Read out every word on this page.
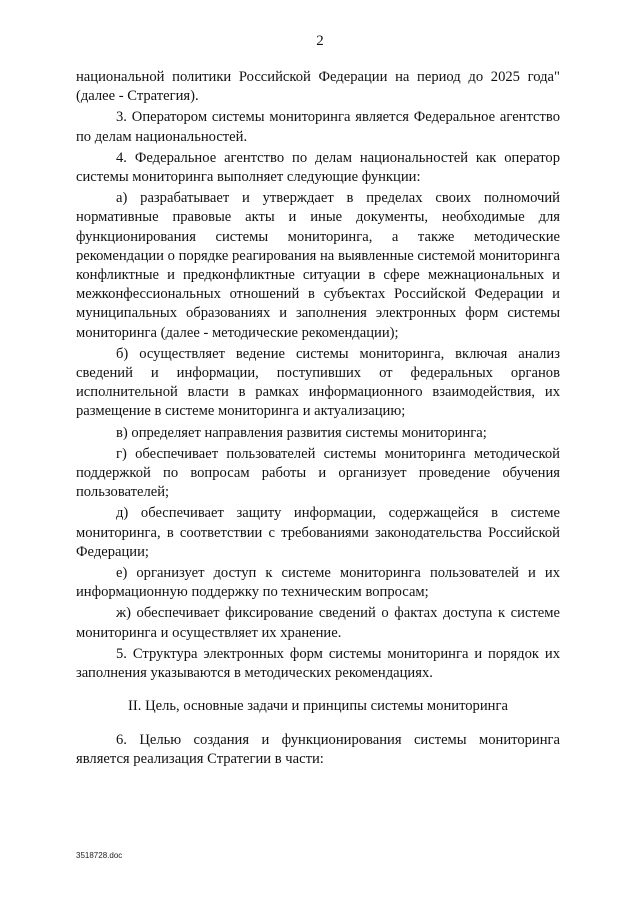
2

национальной политики Российской Федерации на период до 2025 года" (далее - Стратегия).

3. Оператором системы мониторинга является Федеральное агентство по делам национальностей.

4. Федеральное агентство по делам национальностей как оператор системы мониторинга выполняет следующие функции:

а) разрабатывает и утверждает в пределах своих полномочий нормативные правовые акты и иные документы, необходимые для функционирования системы мониторинга, а также методические рекомендации о порядке реагирования на выявленные системой мониторинга конфликтные и предконфликтные ситуации в сфере межнациональных и межконфессиональных отношений в субъектах Российской Федерации и муниципальных образованиях и заполнения электронных форм системы мониторинга (далее - методические рекомендации);

б) осуществляет ведение системы мониторинга, включая анализ сведений и информации, поступивших от федеральных органов исполнительной власти в рамках информационного взаимодействия, их размещение в системе мониторинга и актуализацию;

в) определяет направления развития системы мониторинга;

г) обеспечивает пользователей системы мониторинга методической поддержкой по вопросам работы и организует проведение обучения пользователей;

д) обеспечивает защиту информации, содержащейся в системе мониторинга, в соответствии с требованиями законодательства Российской Федерации;

е) организует доступ к системе мониторинга пользователей и их информационную поддержку по техническим вопросам;

ж) обеспечивает фиксирование сведений о фактах доступа к системе мониторинга и осуществляет их хранение.

5. Структура электронных форм системы мониторинга и порядок их заполнения указываются в методических рекомендациях.

II. Цель, основные задачи и принципы системы мониторинга

6. Целью создания и функционирования системы мониторинга является реализация Стратегии в части:

3518728.doc
